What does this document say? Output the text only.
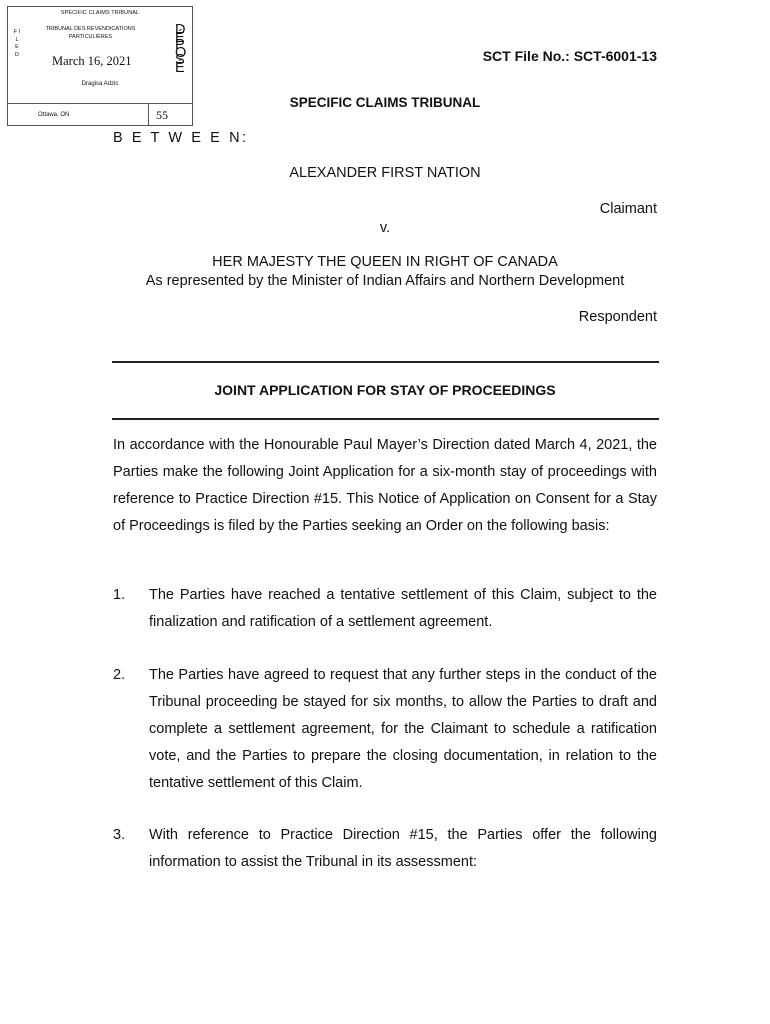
SPECIFIC CLAIMS TRIBUNAL
TRIBUNAL DES REVENDICATIONS PARTICULIÈRES
F I L E D
D É P O S É
March 16, 2021
Dragisa Adzic
Ottawa, ON	55
SCT File No.: SCT-6001-13
SPECIFIC CLAIMS TRIBUNAL
B E T W E E N:
ALEXANDER FIRST NATION
Claimant
v.
HER MAJESTY THE QUEEN IN RIGHT OF CANADA
As represented by the Minister of Indian Affairs and Northern Development
Respondent
JOINT APPLICATION FOR STAY OF PROCEEDINGS

In accordance with the Honourable Paul Mayer’s Direction dated March 4, 2021, the Parties make the following Joint Application for a six-month stay of proceedings with reference to Practice Direction #15. This Notice of Application on Consent for a Stay of Proceedings is filed by the Parties seeking an Order on the following basis:

1. The Parties have reached a tentative settlement of this Claim, subject to the finalization and ratification of a settlement agreement.
2. The Parties have agreed to request that any further steps in the conduct of the Tribunal proceeding be stayed for six months, to allow the Parties to draft and complete a settlement agreement, for the Claimant to schedule a ratification vote, and the Parties to prepare the closing documentation, in relation to the tentative settlement of this Claim.
3. With reference to Practice Direction #15, the Parties offer the following information to assist the Tribunal in its assessment:
